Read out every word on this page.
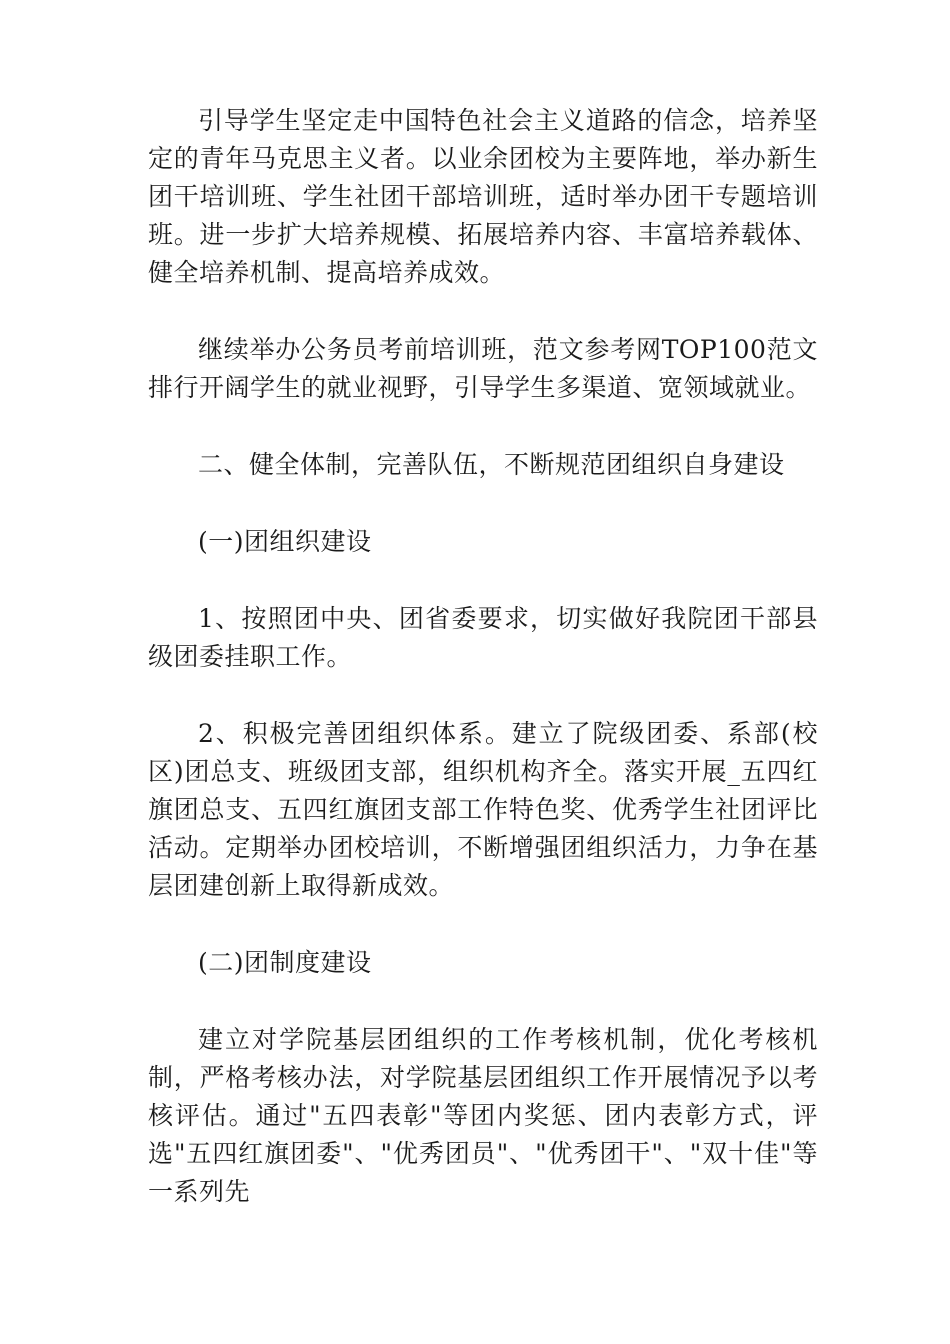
引导学生坚定走中国特色社会主义道路的信念，培养坚定的青年马克思主义者。以业余团校为主要阵地，举办新生团干培训班、学生社团干部培训班，适时举办团干专题培训班。进一步扩大培养规模、拓展培养内容、丰富培养载体、健全培养机制、提高培养成效。

继续举办公务员考前培训班，范文参考网TOP100范文排行开阔学生的就业视野，引导学生多渠道、宽领域就业。

二、健全体制，完善队伍，不断规范团组织自身建设

(一)团组织建设

1、按照团中央、团省委要求，切实做好我院团干部县级团委挂职工作。

2、积极完善团组织体系。建立了院级团委、系部(校区)团总支、班级团支部，组织机构齐全。落实开展_五四红旗团总支、五四红旗团支部工作特色奖、优秀学生社团评比活动。定期举办团校培训，不断增强团组织活力，力争在基层团建创新上取得新成效。

(二)团制度建设

建立对学院基层团组织的工作考核机制，优化考核机制，严格考核办法，对学院基层团组织工作开展情况予以考核评估。通过"五四表彰"等团内奖惩、团内表彰方式，评选"五四红旗团委"、"优秀团员"、"优秀团干"、"双十佳"等一系列先
